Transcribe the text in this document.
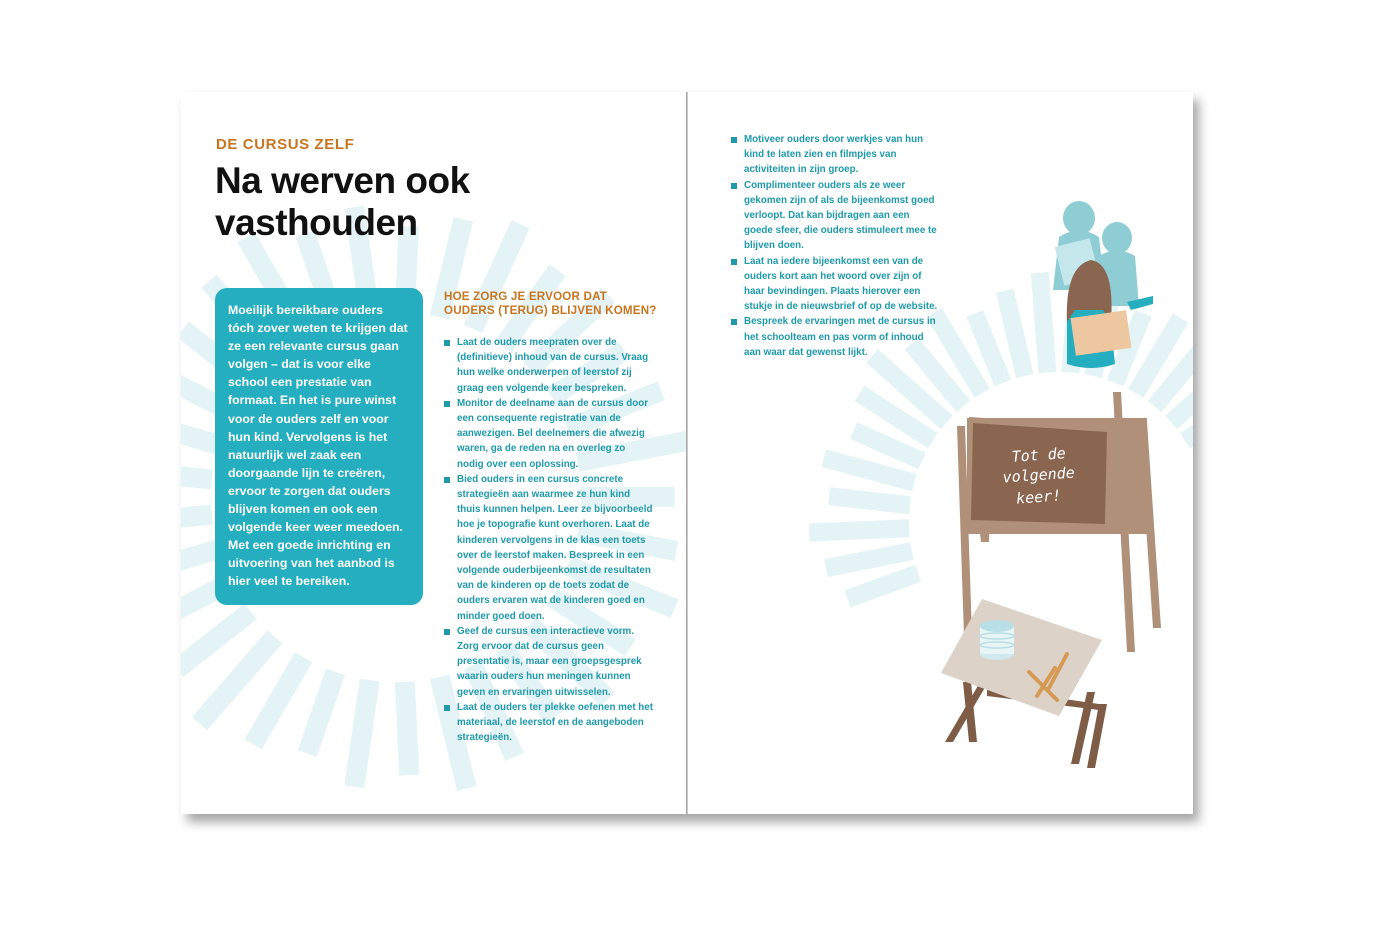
DE CURSUS ZELF
Na werven ook
vasthouden
Moeilijk bereikbare ouders tóch zover weten te krijgen dat ze een relevante cursus gaan volgen – dat is voor elke school een prestatie van formaat. En het is pure winst voor de ouders zelf en voor hun kind. Vervolgens is het natuurlijk wel zaak een doorgaande lijn te creëren, ervoor te zorgen dat ouders blijven komen en ook een volgende keer weer meedoen. Met een goede inrichting en uitvoering van het aanbod is hier veel te bereiken.
HOE ZORG JE ERVOOR DAT OUDERS (TERUG) BLIJVEN KOMEN?
Laat de ouders meepraten over de (definitieve) inhoud van de cursus. Vraag hun welke onderwerpen of leerstof zij graag een volgende keer bespreken.
Monitor de deelname aan de cursus door een consequente registratie van de aanwezigen. Bel deelnemers die afwezig waren, ga de reden na en overleg zo nodig over een oplossing.
Bied ouders in een cursus concrete strategieën aan waarmee ze hun kind thuis kunnen helpen. Leer ze bijvoorbeeld hoe je topografie kunt overhoren. Laat de kinderen vervolgens in de klas een toets over de leerstof maken. Bespreek in een volgende ouderbijeenkomst de resultaten van de kinderen op de toets zodat de ouders ervaren wat de kinderen goed en minder goed doen.
Geef de cursus een interactieve vorm. Zorg ervoor dat de cursus geen presentatie is, maar een groepsgesprek waarin ouders hun meningen kunnen geven en ervaringen uitwisselen.
Laat de ouders ter plekke oefenen met het materiaal, de leerstof en de aangeboden strategieën.
Motiveer ouders door werkjes van hun kind te laten zien en filmpjes van activiteiten in zijn groep.
Complimenteer ouders als ze weer gekomen zijn of als de bijeenkomst goed verloopt. Dat kan bijdragen aan een goede sfeer, die ouders stimuleert mee te blijven doen.
Laat na iedere bijeenkomst een van de ouders kort aan het woord over zijn of haar bevindingen. Plaats hierover een stukje in de nieuwsbrief of op de website.
Bespreek de ervaringen met de cursus in het schoolteam en pas vorm of inhoud aan waar dat gewenst lijkt.
Tot de
volgende
keer!
